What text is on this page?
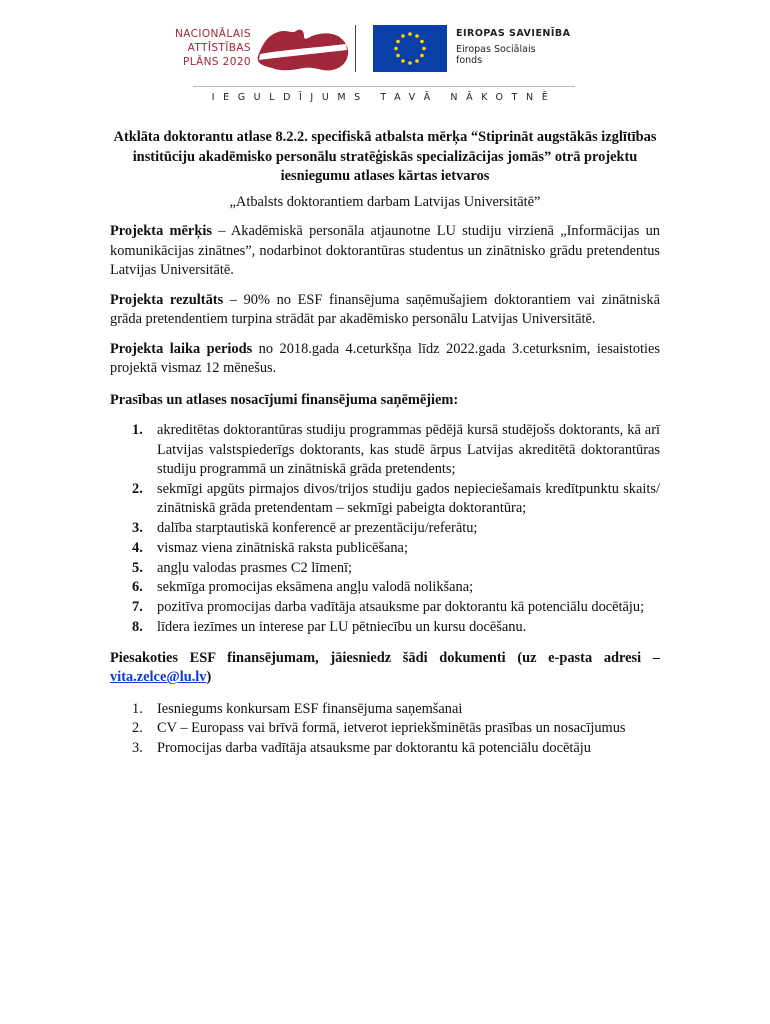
NACIONĀLAIS
ATTĪSTĪBAS
PLĀNS 2020
EIROPAS SAVIENĪBA
Eiropas Sociālais
fonds
IEGULDĪJUMS TAVĀ NĀKOTNĒ

Atklāta doktorantu atlase 8.2.2. specifiskā atbalsta mērķa “Stiprināt augstākās izglītības institūciju akadēmisko personālu stratēģiskās specializācijas jomās” otrā projektu iesniegumu atlases kārtas ietvaros

„Atbalsts doktorantiem darbam Latvijas Universitātē”

Projekta mērķis – Akadēmiskā personāla atjaunotne LU studiju virzienā „Informācijas un komunikācijas zinātnes”, nodarbinot doktorantūras studentus un zinātnisko grādu pretendentus Latvijas Universitātē.

Projekta rezultāts – 90% no ESF finansējuma saņēmušajiem doktorantiem vai zinātniskā grāda pretendentiem turpina strādāt par akadēmisko personālu Latvijas Universitātē.

Projekta laika periods no 2018.gada 4.ceturkšņa līdz 2022.gada 3.ceturksnim, iesaistoties projektā vismaz 12 mēnešus.

Prasības un atlases nosacījumi finansējuma saņēmējiem:

1. akreditētas doktorantūras studiju programmas pēdējā kursā studējošs doktorants, kā arī Latvijas valstspiederīgs doktorants, kas studē ārpus Latvijas akreditētā doktorantūras studiju programmā un zinātniskā grāda pretendents;
2. sekmīgi apgūts pirmajos divos/trijos studiju gados nepieciešamais kredītpunktu skaits/ zinātniskā grāda pretendentam – sekmīgi pabeigta doktorantūra;
3. dalība starptautiskā konferencē ar prezentāciju/referātu;
4. vismaz viena zinātniskā raksta publicēšana;
5. angļu valodas prasmes C2 līmenī;
6. sekmīga promocijas eksāmena angļu valodā nolikšana;
7. pozitīva promocijas darba vadītāja atsauksme par doktorantu kā potenciālu docētāju;
8. līdera iezīmes un interese par LU pētniecību un kursu docēšanu.

Piesakoties ESF finansējumam, jāiesniedz šādi dokumenti (uz e-pasta adresi – vita.zelce@lu.lv)

1. Iesniegums konkursam ESF finansējuma saņemšanai
2. CV – Europass vai brīvā formā, ietverot iepriekšminētās prasības un nosacījumus
3. Promocijas darba vadītāja atsauksme par doktorantu kā potenciālu docētāju
